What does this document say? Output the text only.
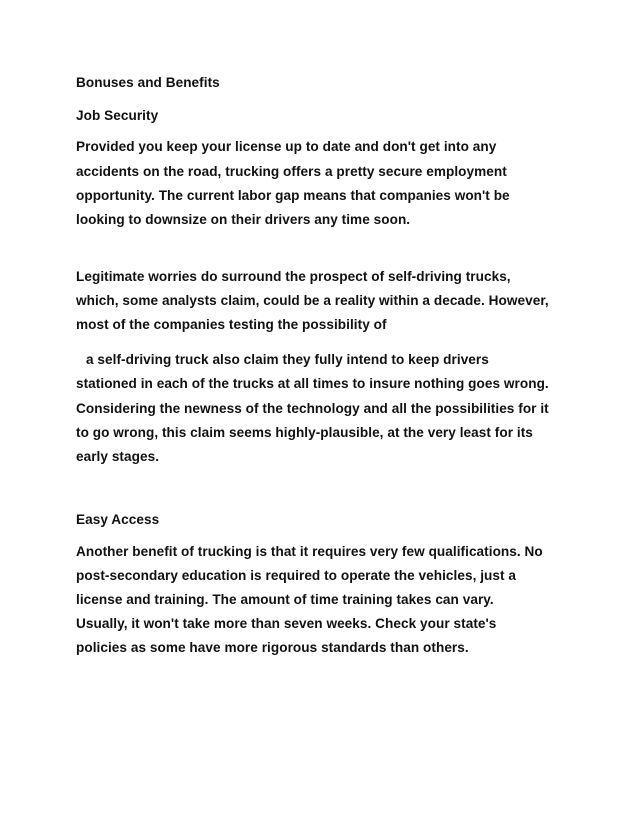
Bonuses and Benefits
Job Security
Provided you keep your license up to date and don't get into any
accidents on the road, trucking offers a pretty secure employment
opportunity. The current labor gap means that companies won't be
looking to downsize on their drivers any time soon.
Legitimate worries do surround the prospect of self-driving trucks,
which, some analysts claim, could be a reality within a decade. However,
most of the companies testing the possibility of
a self-driving truck also claim they fully intend to keep drivers
stationed in each of the trucks at all times to insure nothing goes wrong.
Considering the newness of the technology and all the possibilities for it
to go wrong, this claim seems highly-plausible, at the very least for its
early stages.
Easy Access
Another benefit of trucking is that it requires very few qualifications. No
post-secondary education is required to operate the vehicles, just a
license and training. The amount of time training takes can vary.
Usually, it won't take more than seven weeks. Check your state's
policies as some have more rigorous standards than others.
